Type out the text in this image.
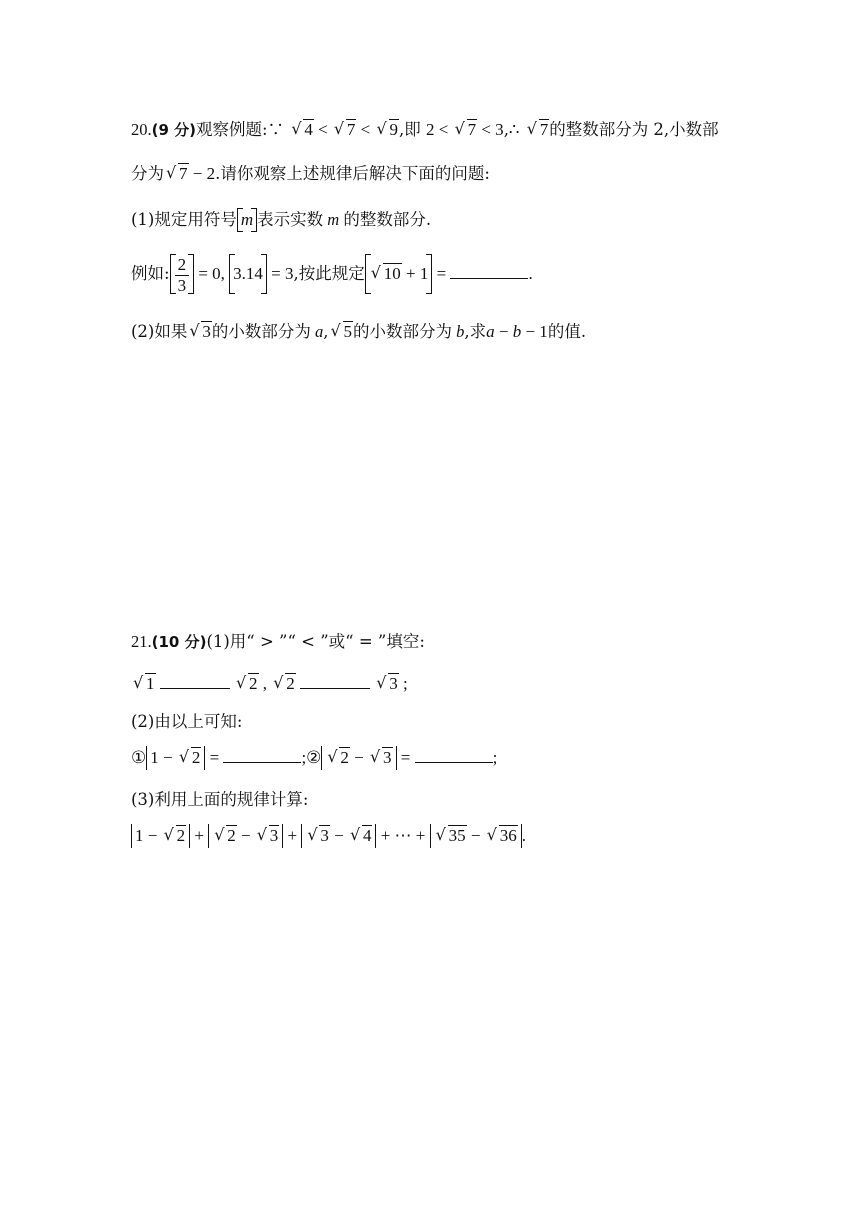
20.(9 分)观察例题:∵ √ 4 < √ 7 < √ 9,即 2 < √ 7 < 3,∴ √ 7的整数部分为 2,小数部
分为 √ 7 − 2.请你观察上述规律后解决下面的问题:
(1)规定用符号 m 表示实数 m 的整数部分.
例如: $\frac{2}{3} = 0$, 3.14 = 3,按此规定 √ 10 + 1 =	.
(2)如果 √ 3的小数部分为 a, √ 5的小数部分为 b,求a − b − 1的值.
21.(10 分)(1)用“ > ”“ < ”或“ = ”填空:
√ 1	√ 2 , √ 2	√ 3 ;
(2)由以上可知:
① 1 − √ 2 =	;② √ 2 − √ 3 =	;
(3)利用上面的规律计算:
1 − √ 2 + √ 2 − √ 3 + √ 3 − √ 4 + ⋯ + √ 35 − √ 36 .
